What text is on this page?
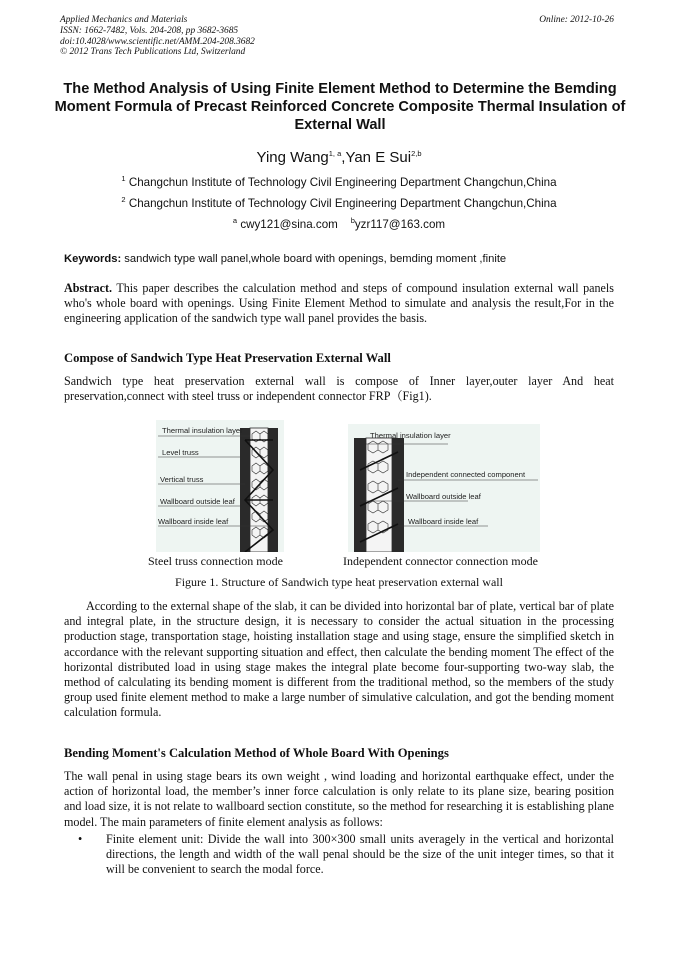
Applied Mechanics and Materials
ISSN: 1662-7482, Vols. 204-208, pp 3682-3685
doi:10.4028/www.scientific.net/AMM.204-208.3682
© 2012 Trans Tech Publications Ltd, Switzerland
Online: 2012-10-26
The Method Analysis of Using Finite Element Method to Determine the Bemding Moment Formula of Precast Reinforced Concrete Composite Thermal Insulation of External Wall
Ying Wang$^{1, a}$,Yan E Sui$^{2,b}$
$^1$ Changchun Institute of Technology Civil Engineering Department Changchun,China
$^2$ Changchun Institute of Technology Civil Engineering Department Changchun,China
$^a$ cwy121@sina.com $^b$yzr117@163.com
Keywords: sandwich type wall panel,whole board with openings, bemding moment ,finite
Abstract. This paper describes the calculation method and steps of compound insulation external wall panels who's whole board with openings. Using Finite Element Method to simulate and analysis the result,For in the engineering application of the sandwich type wall panel provides the basis.
Compose of Sandwich Type Heat Preservation External Wall
Sandwich type heat preservation external wall is compose of Inner layer,outer layer And heat preservation,connect with steel truss or independent connector FRP（Fig1).
Thermal insulation layer
Level truss
Vertical truss
Wallboard outside leaf
Wallboard inside leaf
Thermal insulation layer
Independent connected component
Wallboard outside leaf
Wallboard inside leaf
Steel truss connection mode	Independent connector connection mode
Figure 1. Structure of Sandwich type heat preservation external wall
According to the external shape of the slab, it can be divided into horizontal bar of plate, vertical bar of plate and integral plate, in the structure design, it is necessary to consider the actual situation in the processing production stage, transportation stage, hoisting installation stage and using stage, ensure the simplified sketch in accordance with the relevant supporting situation and effect, then calculate the bending moment The effect of the horizontal distributed load in using stage makes the integral plate become four-supporting two-way slab, the method of calculating its bending moment is different from the traditional method, so the members of the study group used finite element method to make a large number of simulative calculation, and got the bending moment calculation formula.
Bending Moment's Calculation Method of Whole Board With Openings
The wall penal in using stage bears its own weight , wind loading and horizontal earthquake effect, under the action of horizontal load, the member’s inner force calculation is only relate to its plane size, bearing position and load size, it is not relate to wallboard section constitute, so the method for researching it is establishing plane model. The main parameters of finite element analysis as follows:
• Finite element unit: Divide the wall into 300×300 small units averagely in the vertical and horizontal directions, the length and width of the wall penal should be the size of the unit integer times, so that it will be convenient to search the modal force.
